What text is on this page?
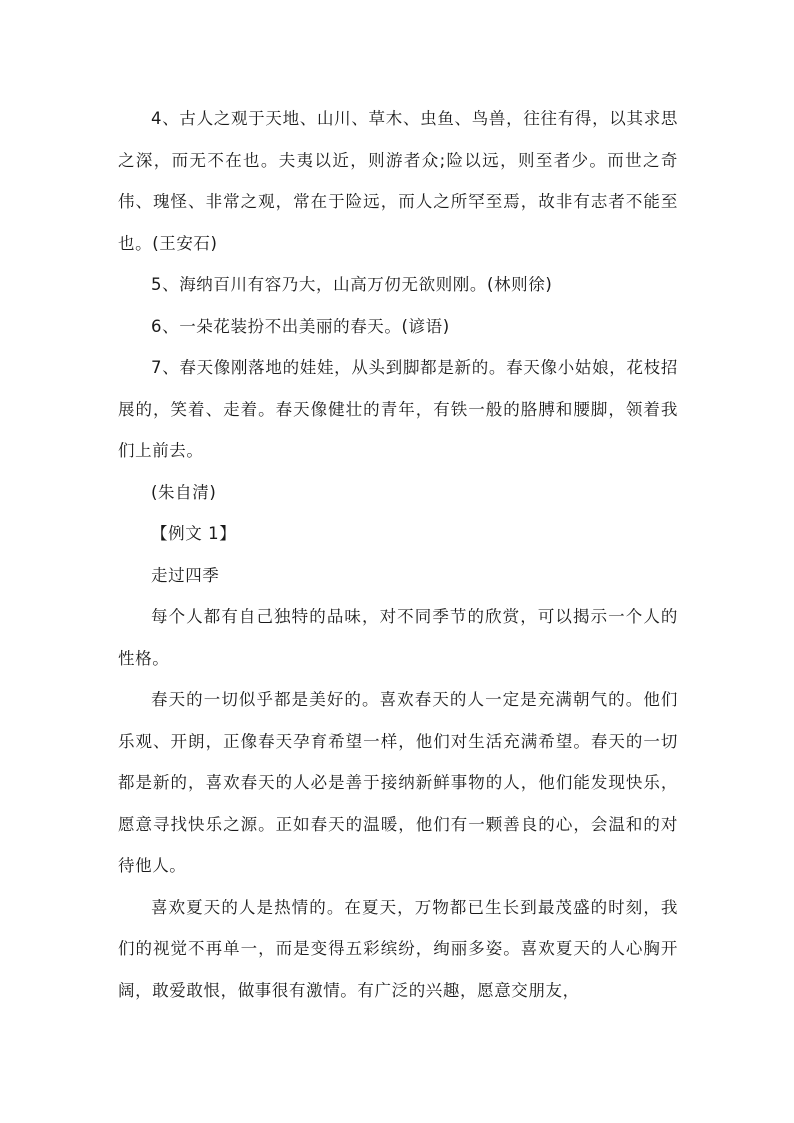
4、古人之观于天地、山川、草木、虫鱼、鸟兽，往往有得，以其求思之深，而无不在也。夫夷以近，则游者众;险以远，则至者少。而世之奇伟、瑰怪、非常之观，常在于险远，而人之所罕至焉，故非有志者不能至也。(王安石)

5、海纳百川有容乃大，山高万仞无欲则刚。(林则徐)

6、一朵花装扮不出美丽的春天。(谚语)

7、春天像刚落地的娃娃，从头到脚都是新的。春天像小姑娘，花枝招展的，笑着、走着。春天像健壮的青年，有铁一般的胳膊和腰脚，领着我们上前去。

(朱自清)

【例文 1】

走过四季

每个人都有自己独特的品味，对不同季节的欣赏，可以揭示一个人的性格。

春天的一切似乎都是美好的。喜欢春天的人一定是充满朝气的。他们乐观、开朗，正像春天孕育希望一样，他们对生活充满希望。春天的一切都是新的，喜欢春天的人必是善于接纳新鲜事物的人，他们能发现快乐，愿意寻找快乐之源。正如春天的温暖，他们有一颗善良的心，会温和的对待他人。

喜欢夏天的人是热情的。在夏天，万物都已生长到最茂盛的时刻，我们的视觉不再单一，而是变得五彩缤纷，绚丽多姿。喜欢夏天的人心胸开阔，敢爱敢恨，做事很有激情。有广泛的兴趣，愿意交朋友，
